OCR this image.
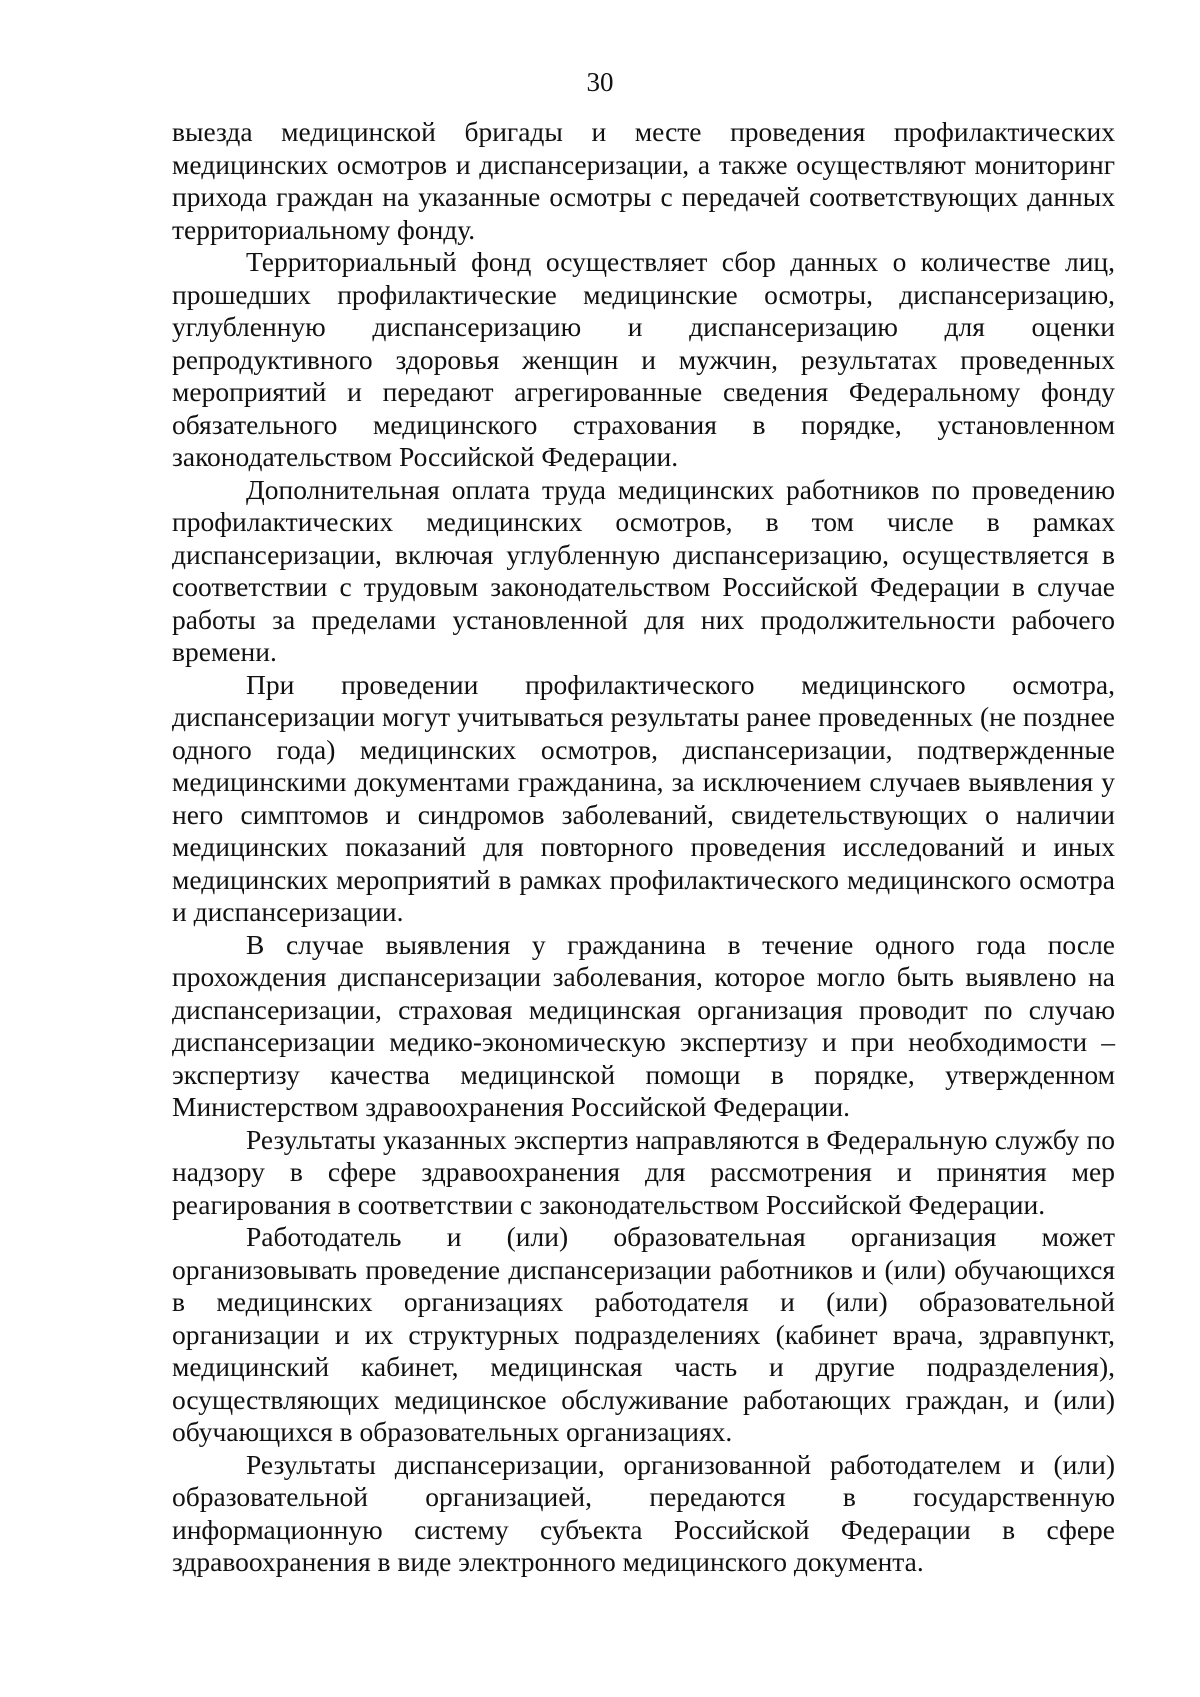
30

выезда медицинской бригады и месте проведения профилактических медицинских осмотров и диспансеризации, а также осуществляют мониторинг прихода граждан на указанные осмотры с передачей соответствующих данных территориальному фонду.

Территориальный фонд осуществляет сбор данных о количестве лиц, прошедших профилактические медицинские осмотры, диспансеризацию, углубленную диспансеризацию и диспансеризацию для оценки репродуктивного здоровья женщин и мужчин, результатах проведенных мероприятий и передают агрегированные сведения Федеральному фонду обязательного медицинского страхования в порядке, установленном законодательством Российской Федерации.

Дополнительная оплата труда медицинских работников по проведению профилактических медицинских осмотров, в том числе в рамках диспансеризации, включая углубленную диспансеризацию, осуществляется в соответствии с трудовым законодательством Российской Федерации в случае работы за пределами установленной для них продолжительности рабочего времени.

При проведении профилактического медицинского осмотра, диспансеризации могут учитываться результаты ранее проведенных (не позднее одного года) медицинских осмотров, диспансеризации, подтвержденные медицинскими документами гражданина, за исключением случаев выявления у него симптомов и синдромов заболеваний, свидетельствующих о наличии медицинских показаний для повторного проведения исследований и иных медицинских мероприятий в рамках профилактического медицинского осмотра и диспансеризации.

В случае выявления у гражданина в течение одного года после прохождения диспансеризации заболевания, которое могло быть выявлено на диспансеризации, страховая медицинская организация проводит по случаю диспансеризации медико-экономическую экспертизу и при необходимости – экспертизу качества медицинской помощи в порядке, утвержденном Министерством здравоохранения Российской Федерации.

Результаты указанных экспертиз направляются в Федеральную службу по надзору в сфере здравоохранения для рассмотрения и принятия мер реагирования в соответствии с законодательством Российской Федерации.

Работодатель и (или) образовательная организация может организовывать проведение диспансеризации работников и (или) обучающихся в медицинских организациях работодателя и (или) образовательной организации и их структурных подразделениях (кабинет врача, здравпункт, медицинский кабинет, медицинская часть и другие подразделения), осуществляющих медицинское обслуживание работающих граждан, и (или) обучающихся в образовательных организациях.

Результаты диспансеризации, организованной работодателем и (или) образовательной организацией, передаются в государственную информационную систему субъекта Российской Федерации в сфере здравоохранения в виде электронного медицинского документа.
